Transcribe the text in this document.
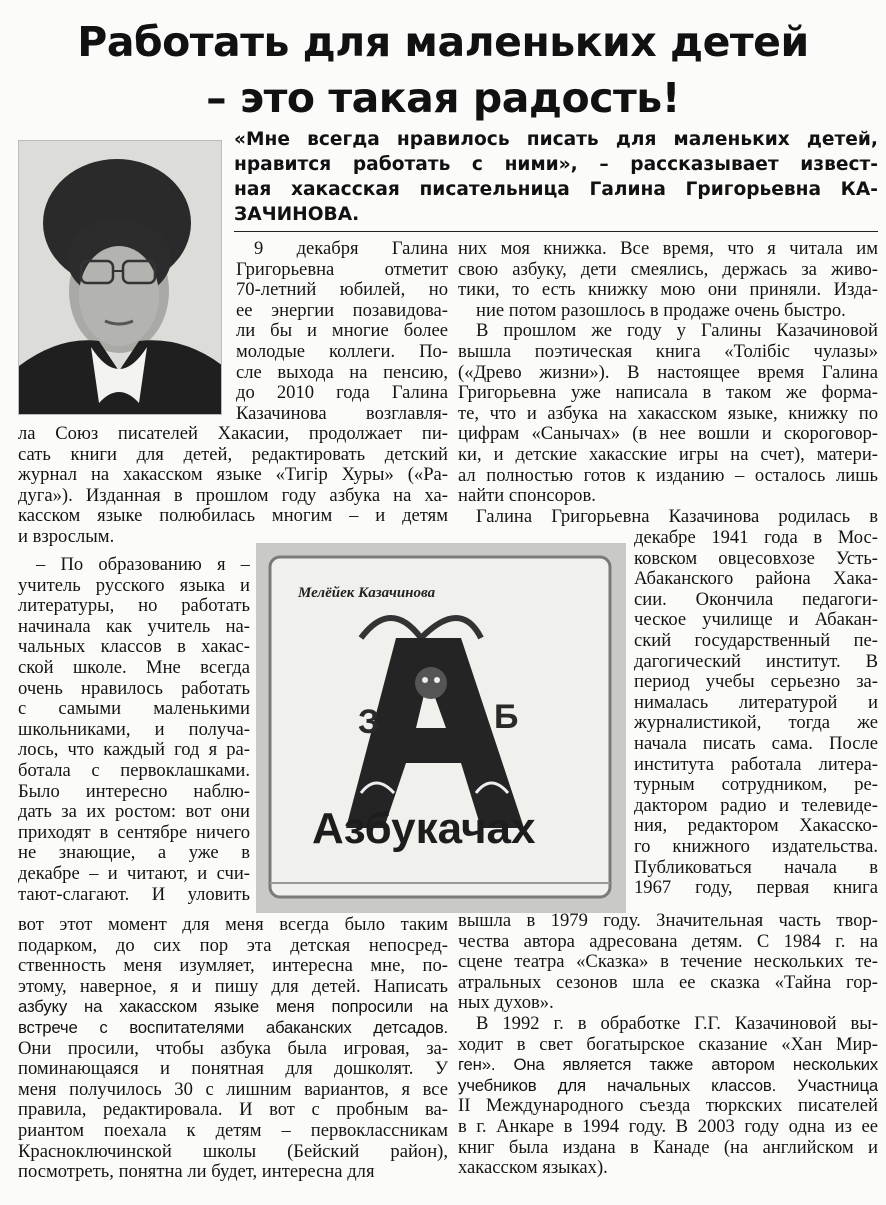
Работать для маленьких детей
– это такая радость!
«Мне всегда нравилось писать для маленьких детей,
нравится работать с ними», – рассказывает извест-
ная хакасская писательница Галина Григорьевна КА-
ЗАЧИНОВА.
Мелёйек Казачинова
З	Б
Азбукачах
9 декабря Галина
Григорьевна отметит
70-летний юбилей, но
ее энергии позавидова-
ли бы и многие более
молодые коллеги. По-
сле выхода на пенсию,
до 2010 года Галина
Казачинова возглавля-
ла Союз писателей Хакасии, продолжает пи-
сать книги для детей, редактировать детский
журнал на хакасском языке «Тигiр Хуры» («Ра-
дуга»). Изданная в прошлом году азбука на ха-
касском языке полюбилась многим – и детям
и взрослым.
– По образованию я –
учитель русского языка и
литературы, но работать
начинала как учитель на-
чальных классов в хакас-
ской школе. Мне всегда
очень нравилось работать
с самыми маленькими
школьниками, и получа-
лось, что каждый год я ра-
ботала с первоклашками.
Было интересно наблю-
дать за их ростом: вот они
приходят в сентябре ничего
не знающие, а уже в
декабре – и читают, и счи-
тают-слагают. И уловить
вот этот момент для меня всегда было таким
подарком, до сих пор эта детская непосред-
ственность меня изумляет, интересна мне, по-
этому, наверное, я и пишу для детей. Написать
азбуку на хакасском языке меня попросили на
встрече с воспитателями абаканских детсадов.
Они просили, чтобы азбука была игровая, за-
поминающаяся и понятная для дошколят. У
меня получилось 30 с лишним вариантов, я все
правила, редактировала. И вот с пробным ва-
риантом поехала к детям – первоклассникам
Красноключинской школы (Бейский район),
посмотреть, понятна ли будет, интересна для
них моя книжка. Все время, что я читала им
свою азбуку, дети смеялись, держась за живо-
тики, то есть книжку мою они приняли. Изда-
ние потом разошлось в продаже очень быстро.
В прошлом же году у Галины Казачиновой
вышла поэтическая книга «Толiбiс чулазы»
(«Древо жизни»). В настоящее время Галина
Григорьевна уже написала в таком же форма-
те, что и азбука на хакасском языке, книжку по
цифрам «Санычах» (в нее вошли и скороговор-
ки, и детские хакасские игры на счет), матери-
ал полностью готов к изданию – осталось лишь
найти спонсоров.
Галина Григорьевна Казачинова родилась в
декабре 1941 года в Мос-
ковском овцесовхозе Усть-
Абаканского района Хака-
сии. Окончила педагоги-
ческое училище и Абакан-
ский государственный пе-
дагогический институт. В
период учебы серьезно за-
нималась литературой и
журналистикой, тогда же
начала писать сама. После
института работала литера-
турным сотрудником, ре-
дактором радио и телевиде-
ния, редактором Хакасско-
го книжного издательства.
Публиковаться начала в
1967 году, первая книга
вышла в 1979 году. Значительная часть твор-
чества автора адресована детям. С 1984 г. на
сцене театра «Сказка» в течение нескольких те-
атральных сезонов шла ее сказка «Тайна гор-
ных духов».
В 1992 г. в обработке Г.Г. Казачиновой вы-
ходит в свет богатырское сказание «Хан Мир-
ген». Она является также автором нескольких
учебников для начальных классов. Участница
II Международного съезда тюркских писателей
в г. Анкаре в 1994 году. В 2003 году одна из ее
книг была издана в Канаде (на английском и
хакасском языках).
